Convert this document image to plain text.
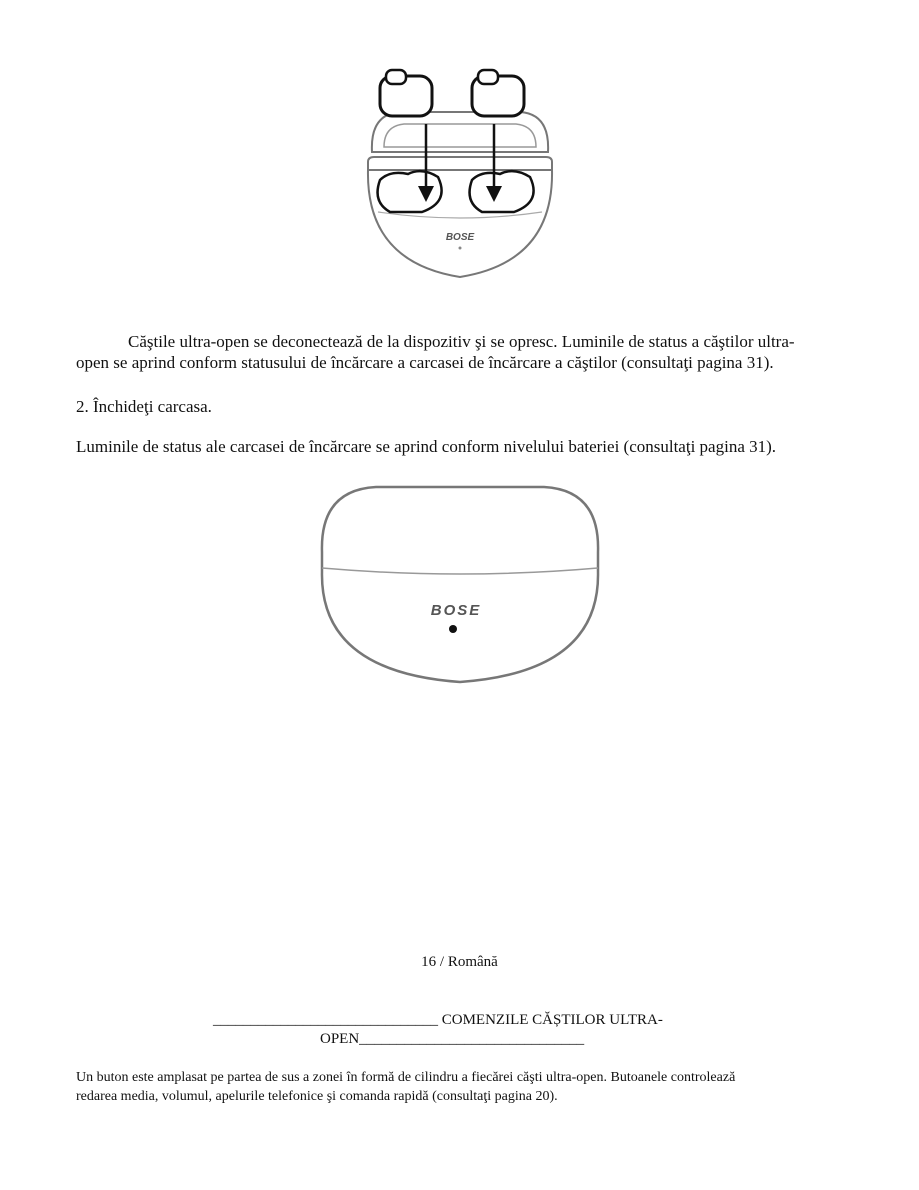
BOSE
Căştile ultra-open se deconectează de la dispozitiv şi se opresc. Luminile de status a căştilor ultra-
open se aprind conform statusului de încărcare a carcasei de încărcare a căştilor (consultaţi pagina 31).
2. Închideţi carcasa.
Luminile de status ale carcasei de încărcare se aprind conform nivelului bateriei (consultaţi pagina 31).
BOSE
16 / Română
______________________________ COMENZILE CĂȘTILOR ULTRA-
OPEN______________________________
Un buton este amplasat pe partea de sus a zonei în formă de cilindru a fiecărei căşti ultra-open. Butoanele controlează
redarea media, volumul, apelurile telefonice şi comanda rapidă (consultaţi pagina 20).
